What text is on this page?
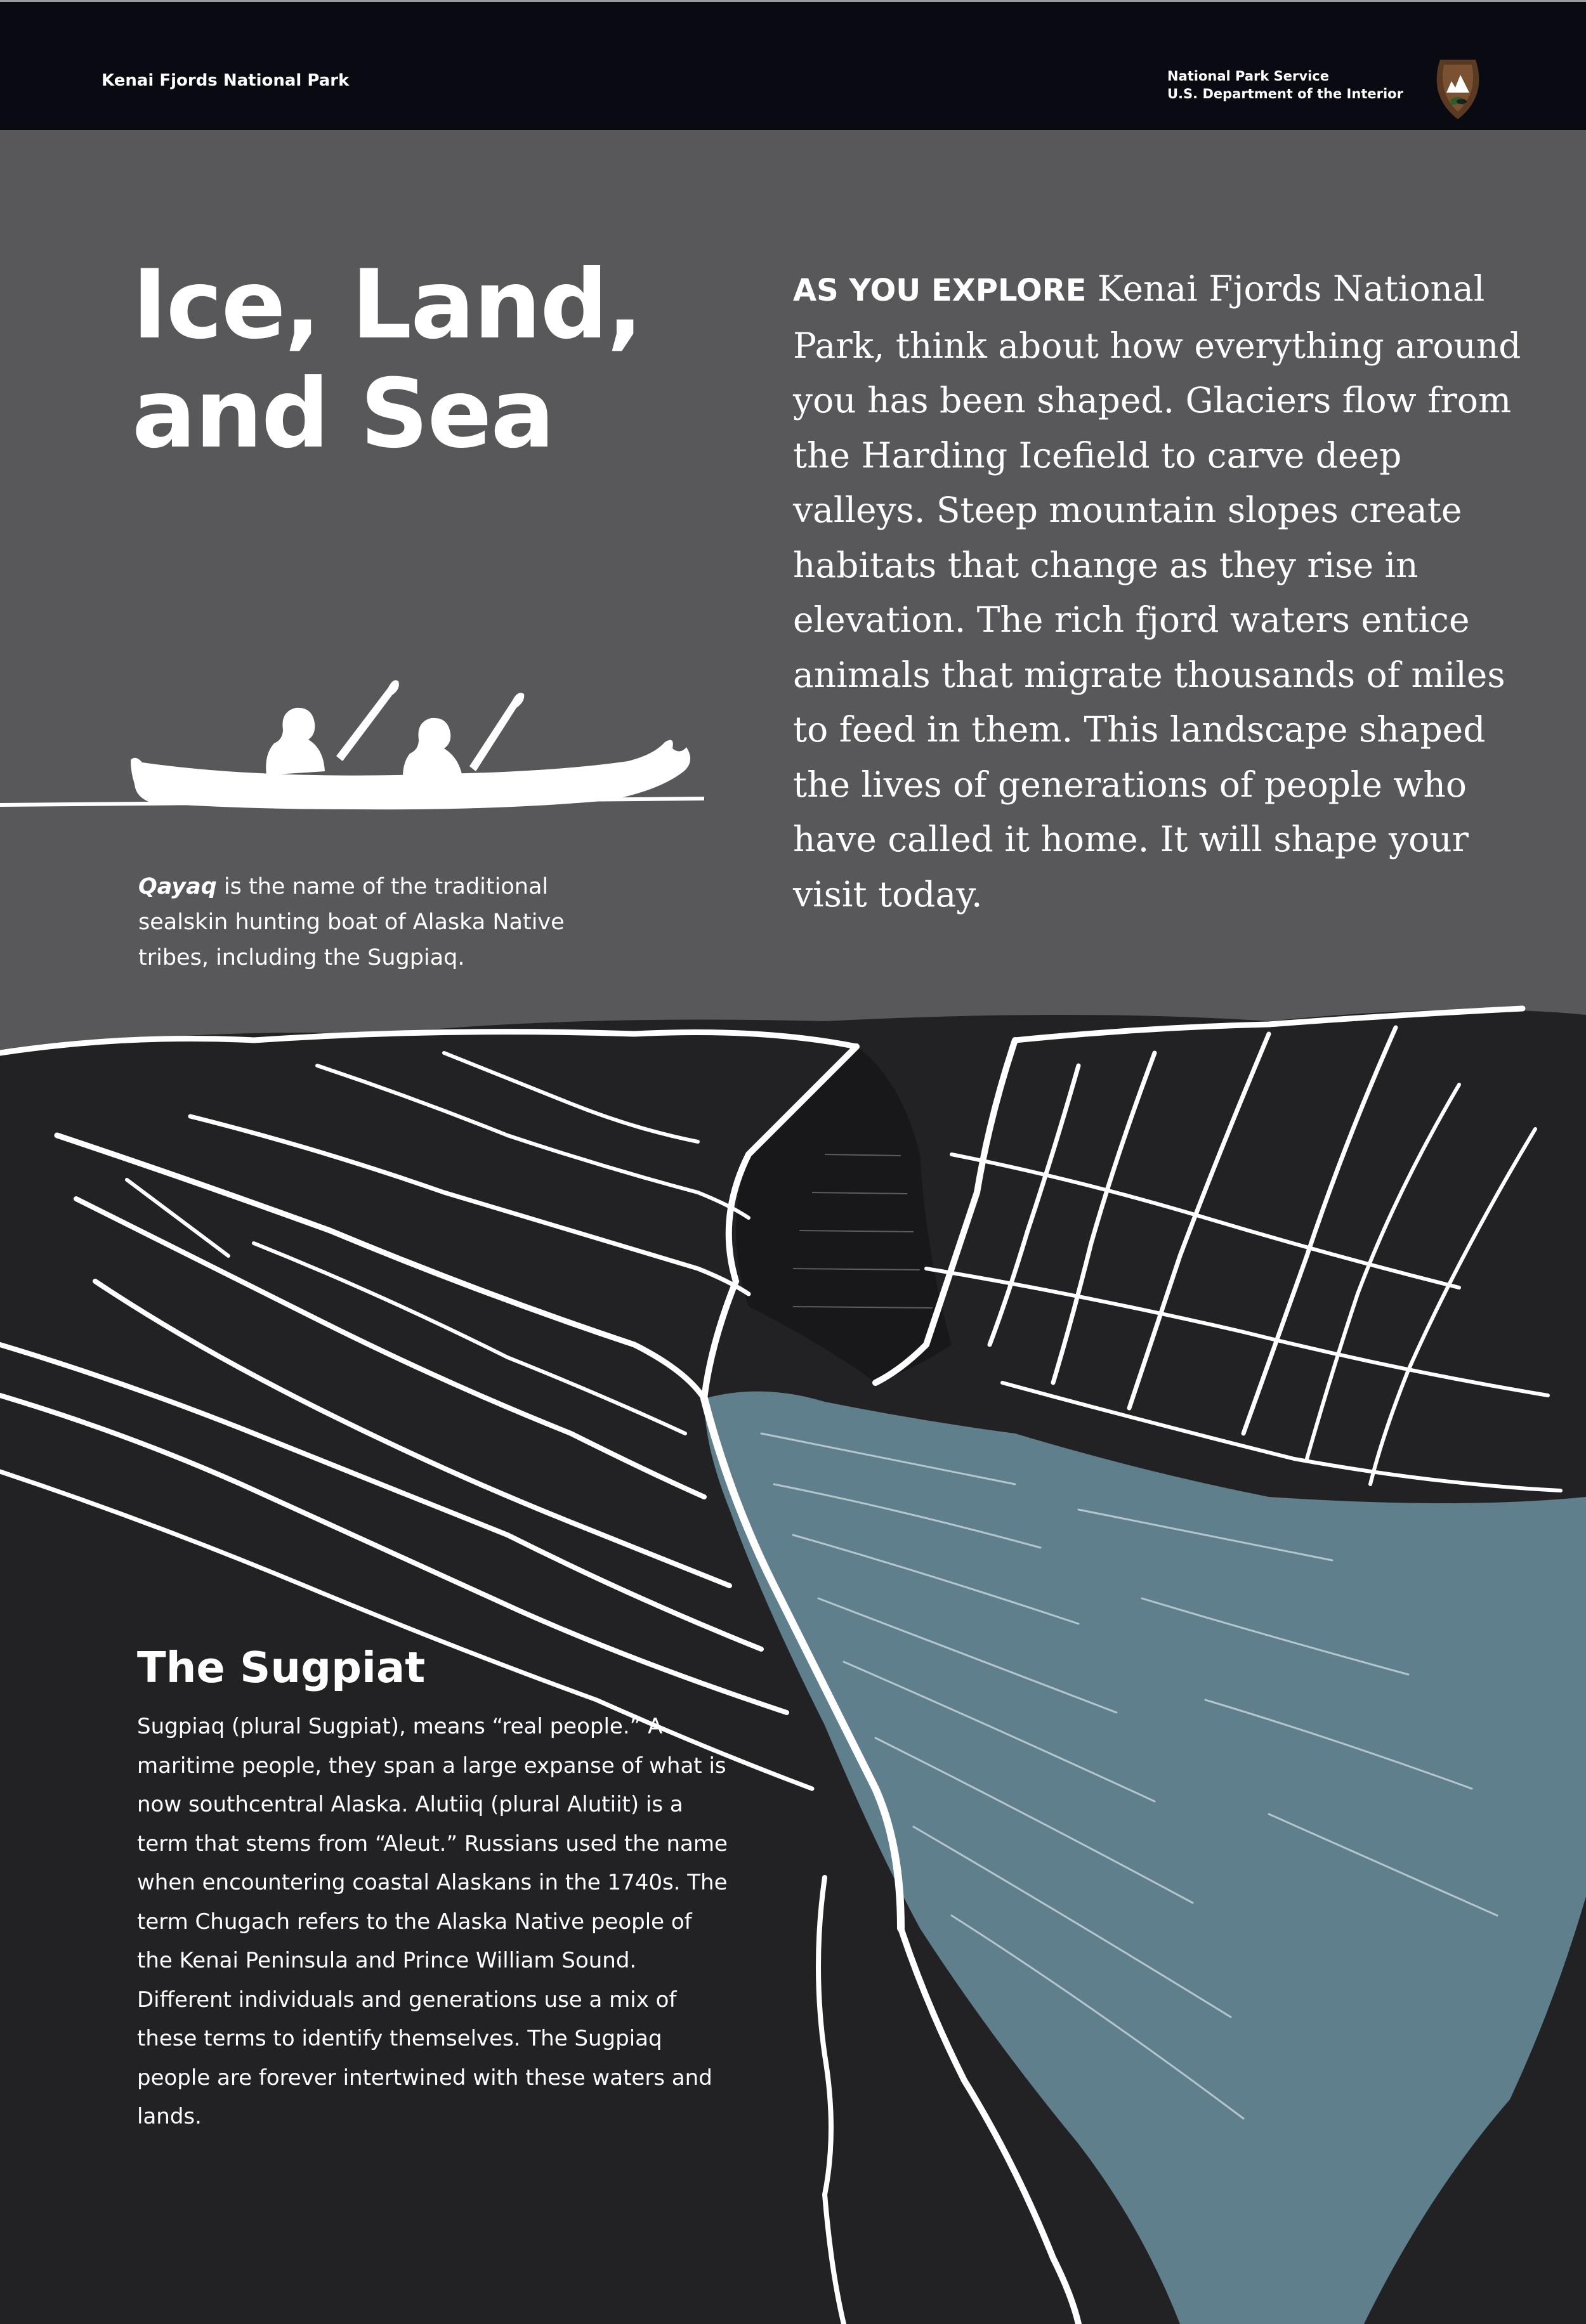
Kenai Fjords National Park	National Park Service
U.S. Department of the Interior
Ice, Land,
and Sea

AS YOU EXPLORE Kenai Fjords National Park, think about how everything around you has been shaped. Glaciers flow from the Harding Icefield to carve deep valleys. Steep mountain slopes create habitats that change as they rise in elevation. The rich fjord waters entice animals that migrate thousands of miles to feed in them. This landscape shaped the lives of generations of people who have called it home. It will shape your visit today.

Qayaq is the name of the traditional sealskin hunting boat of Alaska Native tribes, including the Sugpiaq.

The Sugpiat

Sugpiaq (plural Sugpiat), means “real people.” A maritime people, they span a large expanse of what is now southcentral Alaska. Alutiiq (plural Alutiit) is a term that stems from “Aleut.” Russians used the name when encountering coastal Alaskans in the 1740s. The term Chugach refers to the Alaska Native people of the Kenai Peninsula and Prince William Sound. Different individuals and generations use a mix of these terms to identify themselves. The Sugpiaq people are forever intertwined with these waters and lands.
